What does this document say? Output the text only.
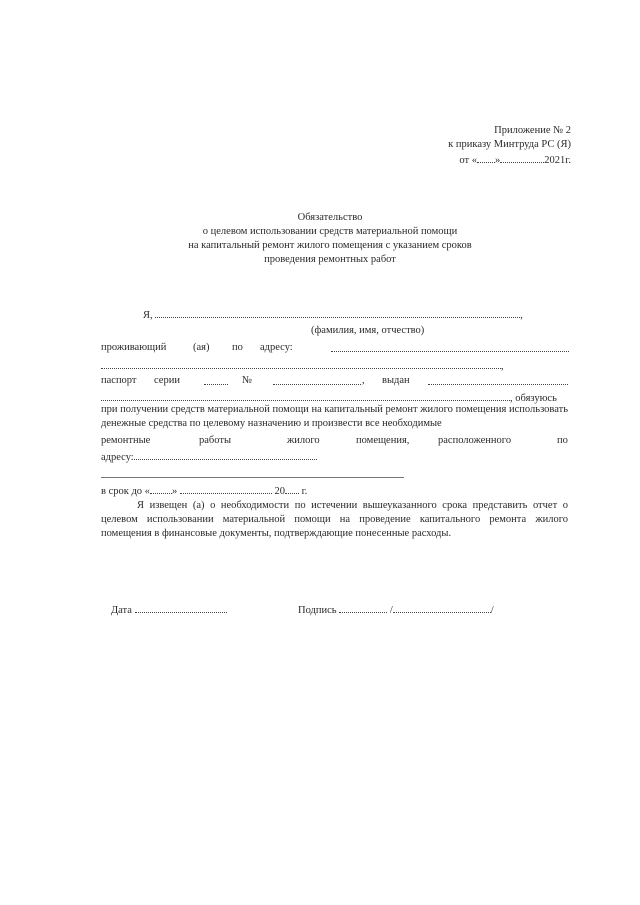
Приложение № 2
к приказу Минтруда РС (Я)
от « »	2021г.
Обязательство
о целевом использовании средств материальной помощи
на капитальный ремонт жилого помещения с указанием сроков
проведения ремонтных работ
Я,	,
(фамилия, имя, отчество)
проживающий	(ая) по адресу:
,
паспорт серии	№	, выдан
, обязуюсь
при получении средств материальной помощи на капитальный ремонт жилого помещения использовать денежные средства по целевому назначению и произвести все необходимые
ремонтные	работы	жилого	помещения,	расположенного	по
адресу:
в срок до « »	20 г.
Я извещен (а) о необходимости по истечении вышеуказанного срока представить отчет о целевом использовании материальной помощи на проведение капитального ремонта жилого помещения в финансовые документы, подтверждающие понесенные расходы.
Дата	Подпись	/	/
